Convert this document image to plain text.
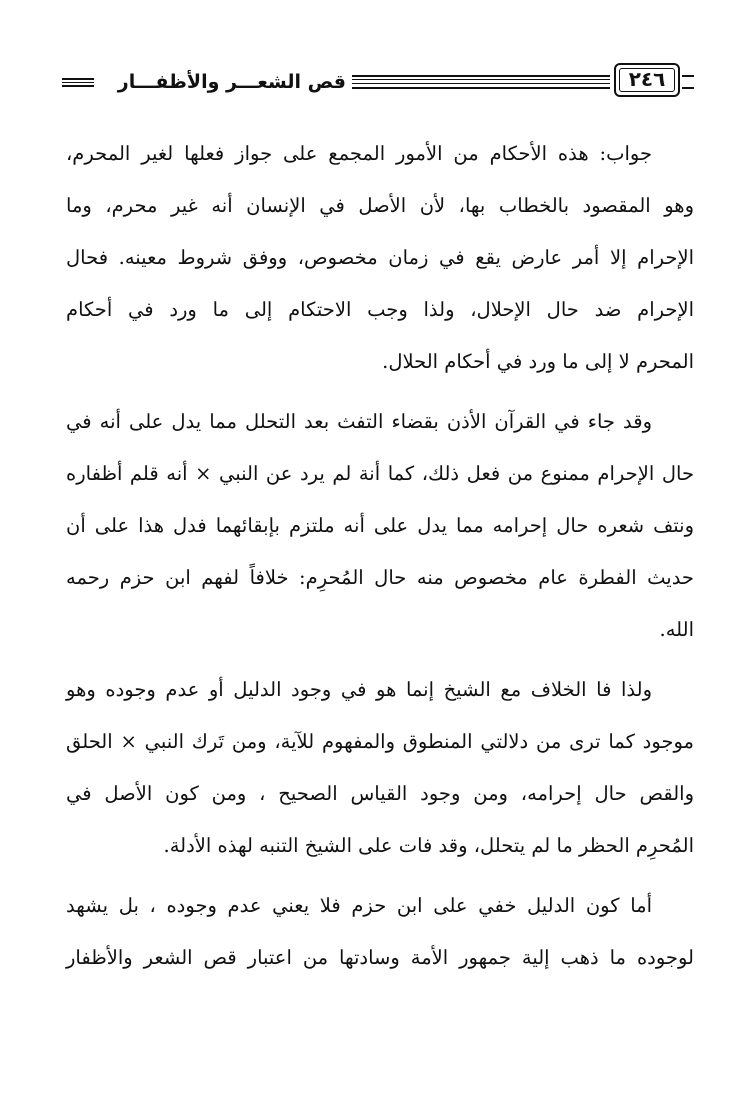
قص الشعـــر والأظفـــار	٢٤٦
جواب: هذه الأحكام من الأمور المجمع على جواز فعلها لغير المحرم،
وهو المقصود بالخطاب بها، لأن الأصل في الإنسان أنه غير محرم، وما
الإحرام إلا أمر عارض يقع في زمان مخصوص، ووفق شروط معينه. فحال
الإحرام ضد حال الإحلال، ولذا وجب الاحتكام إلى ما ورد في أحكام
المحرم لا إلى ما ورد في أحكام الحلال.
وقد جاء في القرآن الأذن بقضاء التفث بعد التحلل مما يدل على أنه في
حال الإحرام ممنوع من فعل ذلك، كما أنة لم يرد عن النبي × أنه قلم أظفاره
ونتف شعره حال إحرامه مما يدل على أنه ملتزم بإبقائهما فدل هذا على أن
حديث الفطرة عام مخصوص منه حال المُحرِم: خلافاً لفهم ابن حزم رحمه
الله.
ولذا فا الخلاف مع الشيخ إنما هو في وجود الدليل أو عدم وجوده وهو
موجود كما ترى من دلالتي المنطوق والمفهوم للآية، ومن تَرك النبي × الحلق
والقص حال إحرامه، ومن وجود القياس الصحيح ، ومن كون الأصل في
المُحرِم الحظر ما لم يتحلل، وقد فات على الشيخ التنبه لهذه الأدلة.
أما كون الدليل خفي على ابن حزم فلا يعني عدم وجوده ، بل يشهد
لوجوده ما ذهب إلية جمهور الأمة وسادتها من اعتبار قص الشعر والأظفار
